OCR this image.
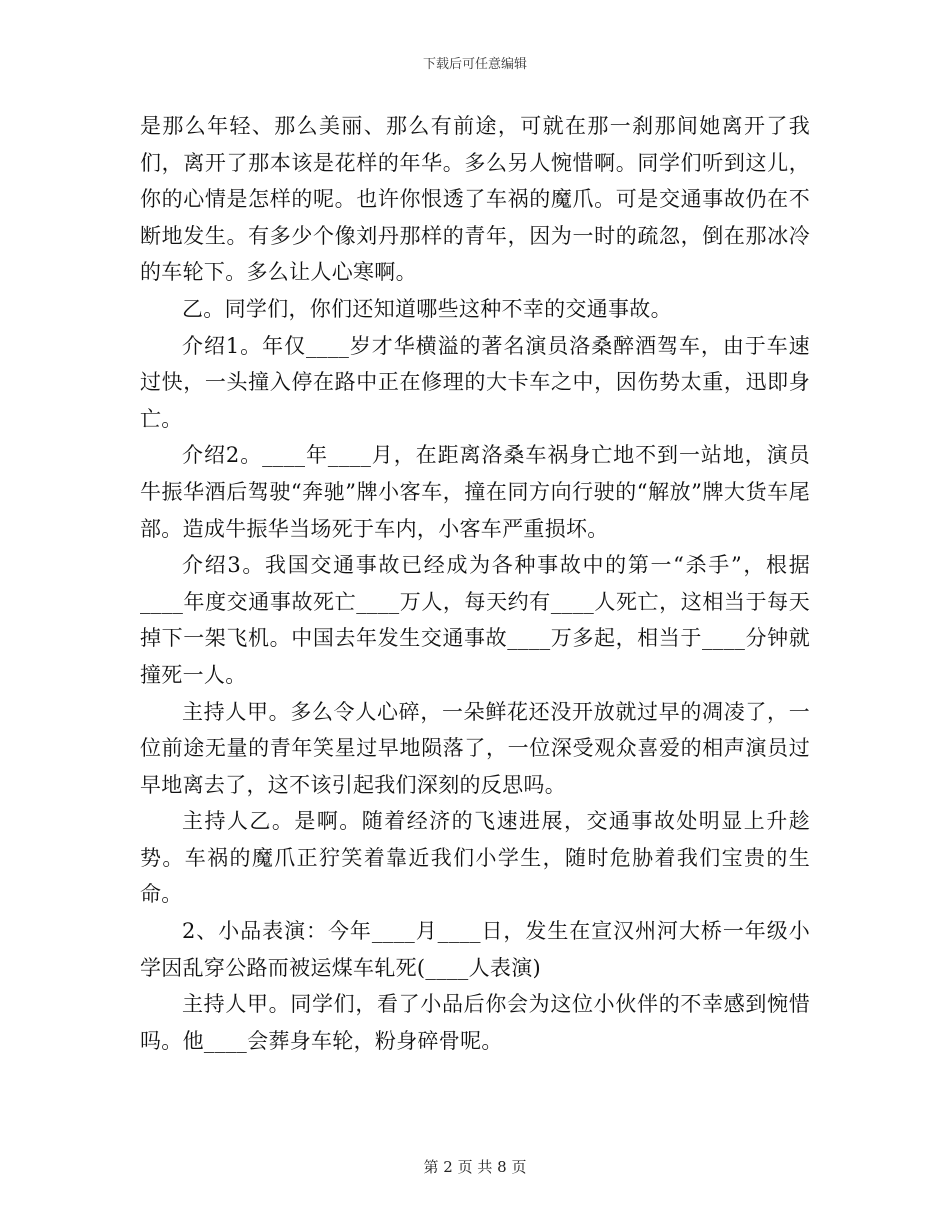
下载后可任意编辑

是那么年轻、那么美丽、那么有前途，可就在那一刹那间她离开了我们，离开了那本该是花样的年华。多么另人惋惜啊。同学们听到这儿，你的心情是怎样的呢。也许你恨透了车祸的魔爪。可是交通事故仍在不断地发生。有多少个像刘丹那样的青年，因为一时的疏忽，倒在那冰冷的车轮下。多么让人心寒啊。

乙。同学们，你们还知道哪些这种不幸的交通事故。

介绍1。年仅____岁才华横溢的著名演员洛桑醉酒驾车，由于车速过快，一头撞入停在路中正在修理的大卡车之中，因伤势太重，迅即身亡。

介绍2。____年____月，在距离洛桑车祸身亡地不到一站地，演员牛振华酒后驾驶“奔驰”牌小客车，撞在同方向行驶的“解放”牌大货车尾部。造成牛振华当场死于车内，小客车严重损坏。

介绍3。我国交通事故已经成为各种事故中的第一“杀手”，根据____年度交通事故死亡____万人，每天约有____人死亡，这相当于每天掉下一架飞机。中国去年发生交通事故____万多起，相当于____分钟就撞死一人。

主持人甲。多么令人心碎，一朵鲜花还没开放就过早的凋凌了，一位前途无量的青年笑星过早地陨落了，一位深受观众喜爱的相声演员过早地离去了，这不该引起我们深刻的反思吗。

主持人乙。是啊。随着经济的飞速进展，交通事故处明显上升趁势。车祸的魔爪正狞笑着靠近我们小学生，随时危胁着我们宝贵的生命。

2、小品表演：今年____月____日，发生在宣汉州河大桥一年级小学因乱穿公路而被运煤车轧死(____人表演)

主持人甲。同学们，看了小品后你会为这位小伙伴的不幸感到惋惜吗。他____会葬身车轮，粉身碎骨呢。

第 2 页 共 8 页
